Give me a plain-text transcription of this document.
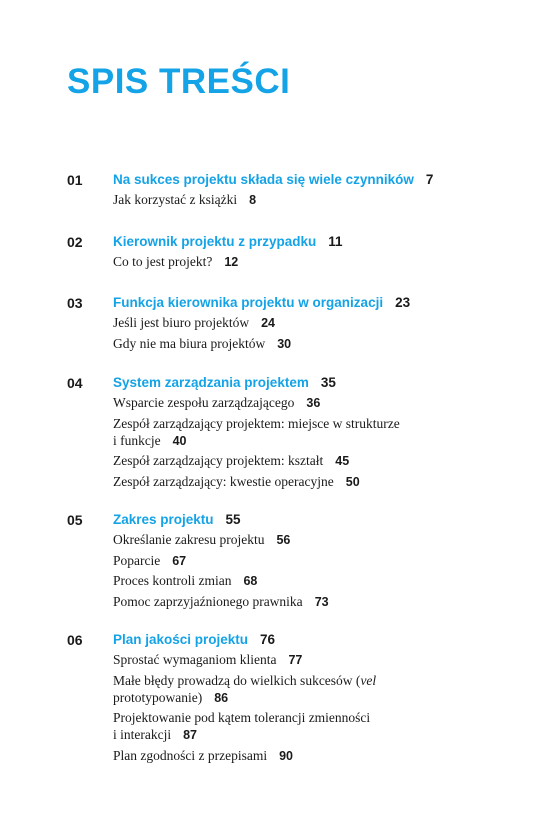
SPIS TREŚCI
01 Na sukces projektu składa się wiele czynników 7
Jak korzystać z książki 8
02 Kierownik projektu z przypadku 11
Co to jest projekt? 12
03 Funkcja kierownika projektu w organizacji 23
Jeśli jest biuro projektów 24
Gdy nie ma biura projektów 30
04 System zarządzania projektem 35
Wsparcie zespołu zarządzającego 36
Zespół zarządzający projektem: miejsce w strukturze
i funkcje 40
Zespół zarządzający projektem: kształt 45
Zespół zarządzający: kwestie operacyjne 50
05 Zakres projektu 55
Określanie zakresu projektu 56
Poparcie 67
Proces kontroli zmian 68
Pomoc zaprzyjaźnionego prawnika 73
06 Plan jakości projektu 76
Sprostać wymaganiom klienta 77
Małe błędy prowadzą do wielkich sukcesów (vel
prototypowanie) 86
Projektowanie pod kątem tolerancji zmienności
i interakcji 87
Plan zgodności z przepisami 90
